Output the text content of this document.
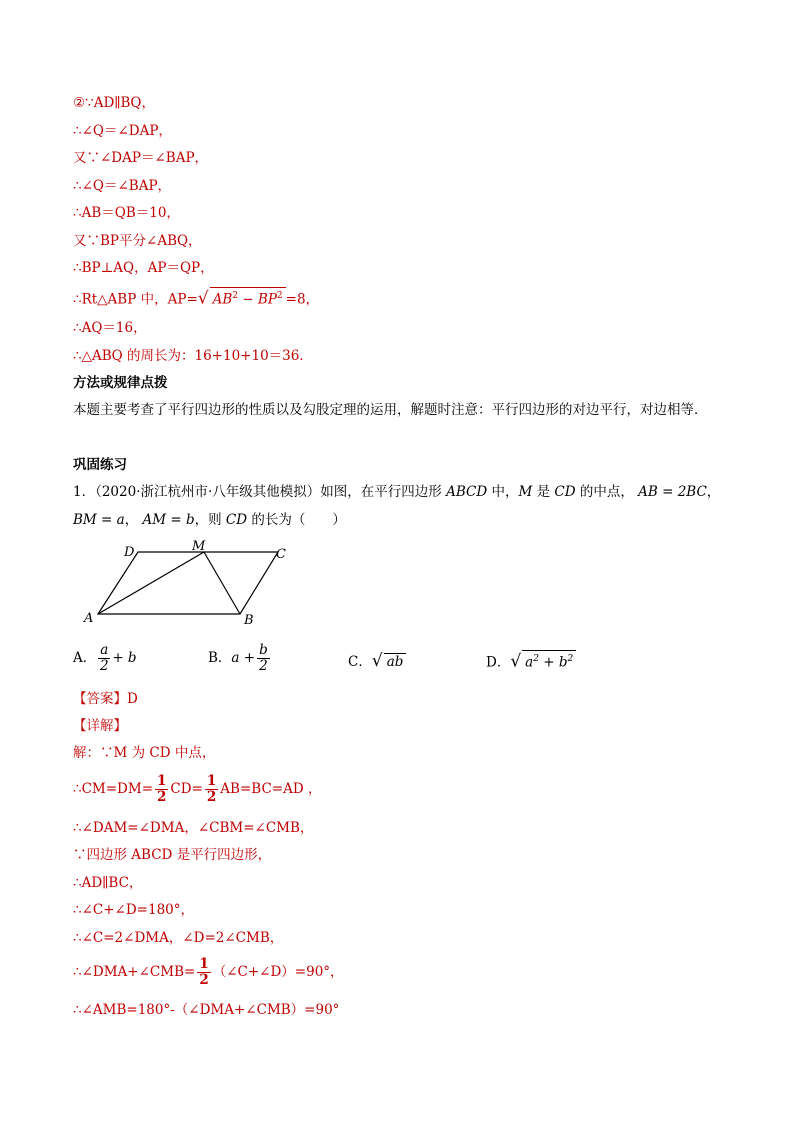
②∵AD∥BQ，
∴∠Q＝∠DAP，
又∵∠DAP＝∠BAP，
∴∠Q＝∠BAP，
∴AB＝QB＝10，
又∵BP平分∠ABQ，
∴BP⊥AQ，AP＝QP，
∴Rt△ABP 中，AP=√ $AB^2 - BP^2 =8$，
∴AQ＝16，
∴△ABQ 的周长为：16+10+10＝36．
方法或规律点拨
本题主要考查了平行四边形的性质以及勾股定理的运用，解题时注意：平行四边形的对边平行，对边相等．
巩固练习
1．（2020·浙江杭州市·八年级其他模拟）如图，在平行四边形 ABCD 中，M 是 CD 的中点， AB = 2BC，
BM = a， AM = b，则 CD 的长为（　　）
D	M
C
A	B
A． $\frac{a}{2} + b$	B．$a + \frac{b}{2}$	C．√ ab	D．√ $a^2 + b^2$
【答案】D
【详解】
解：∵M 为 CD 中点，
∴CM=DM= $\frac{1}{2} CD= \frac{1}{2} AB=BC=AD$ ，
∴∠DAM=∠DMA，∠CBM=∠CMB，
∵四边形 ABCD 是平行四边形，
∴AD∥BC，
∴∠C+∠D=180°，
∴∠C=2∠DMA，∠D=2∠CMB，
∴∠DMA+∠CMB= $\frac{1}{2}$ （∠C+∠D）=90°，
∴∠AMB=180°-（∠DMA+∠CMB）=90°
